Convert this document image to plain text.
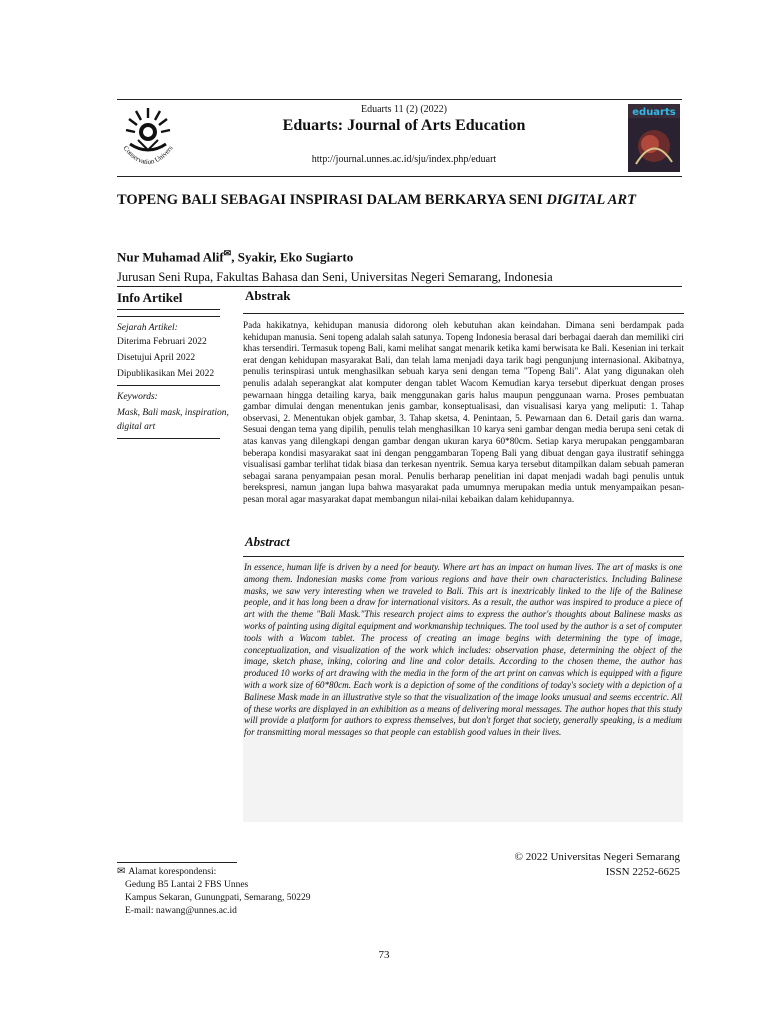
Conservation Univers
eduarts
Eduarts 11 (2) (2022)
Eduarts: Journal of Arts Education
http://journal.unnes.ac.id/sju/index.php/eduart
TOPENG BALI SEBAGAI INSPIRASI DALAM BERKARYA SENI DIGITAL ART
Nur Muhamad Alif✉, Syakir, Eko Sugiarto
Jurusan Seni Rupa, Fakultas Bahasa dan Seni, Universitas Negeri Semarang, Indonesia
Info Artikel
Sejarah Artikel:
Diterima Februari 2022
Disetujui April 2022
Dipublikasikan Mei 2022
Keywords:
Mask, Bali mask, inspiration,
digital art
Abstrak
Pada hakikatnya, kehidupan manusia didorong oleh kebutuhan akan keindahan. Dimana seni berdampak pada kehidupan manusia. Seni topeng adalah salah satunya. Topeng Indonesia berasal dari berbagai daerah dan memiliki ciri khas tersendiri. Termasuk topeng Bali, kami melihat sangat menarik ketika kami berwisata ke Bali. Kesenian ini terkait erat dengan kehidupan masyarakat Bali, dan telah lama menjadi daya tarik bagi pengunjung internasional. Akibatnya, penulis terinspirasi untuk menghasilkan sebuah karya seni dengan tema "Topeng Bali". Alat yang digunakan oleh penulis adalah seperangkat alat komputer dengan tablet Wacom Kemudian karya tersebut diperkuat dengan proses pewarnaan hingga detailing karya, baik menggunakan garis halus maupun penggunaan warna. Proses pembuatan gambar dimulai dengan menentukan jenis gambar, konseptualisasi, dan visualisasi karya yang meliputi: 1. Tahap observasi, 2. Menentukan objek gambar, 3. Tahap sketsa, 4. Penintaan, 5. Pewarnaan dan 6. Detail garis dan warna. Sesuai dengan tema yang dipilih, penulis telah menghasilkan 10 karya seni gambar dengan media berupa seni cetak di atas kanvas yang dilengkapi dengan gambar dengan ukuran karya 60*80cm. Setiap karya merupakan penggambaran beberapa kondisi masyarakat saat ini dengan penggambaran Topeng Bali yang dibuat dengan gaya ilustratif sehingga visualisasi gambar terlihat tidak biasa dan terkesan nyentrik. Semua karya tersebut ditampilkan dalam sebuah pameran sebagai sarana penyampaian pesan moral. Penulis berharap penelitian ini dapat menjadi wadah bagi penulis untuk berekspresi, namun jangan lupa bahwa masyarakat pada umumnya merupakan media untuk menyampaikan pesan-pesan moral agar masyarakat dapat membangun nilai-nilai kebaikan dalam kehidupannya.
Abstract
In essence, human life is driven by a need for beauty. Where art has an impact on human lives. The art of masks is one among them. Indonesian masks come from various regions and have their own characteristics. Including Balinese masks, we saw very interesting when we traveled to Bali. This art is inextricably linked to the life of the Balinese people, and it has long been a draw for international visitors. As a result, the author was inspired to produce a piece of art with the theme "Bali Mask."This research project aims to express the author's thoughts about Balinese masks as works of painting using digital equipment and workmanship techniques. The tool used by the author is a set of computer tools with a Wacom tablet. The process of creating an image begins with determining the type of image, conceptualization, and visualization of the work which includes: observation phase, determining the object of the image, sketch phase, inking, coloring and line and color details. According to the chosen theme, the author has produced 10 works of art drawing with the media in the form of the art print on canvas which is equipped with a figure with a work size of 60*80cm. Each work is a depiction of some of the conditions of today's society with a depiction of a Balinese Mask made in an illustrative style so that the visualization of the image looks unusual and seems eccentric. All of these works are displayed in an exhibition as a means of delivering moral messages. The author hopes that this study will provide a platform for authors to express themselves, but don't forget that society, generally speaking, is a medium for transmitting moral messages so that people can establish good values in their lives.
© 2022 Universitas Negeri Semarang
ISSN 2252-6625
✉ Alamat korespondensi:
Gedung B5 Lantai 2 FBS Unnes
Kampus Sekaran, Gunungpati, Semarang, 50229
E-mail: nawang@unnes.ac.id
73
